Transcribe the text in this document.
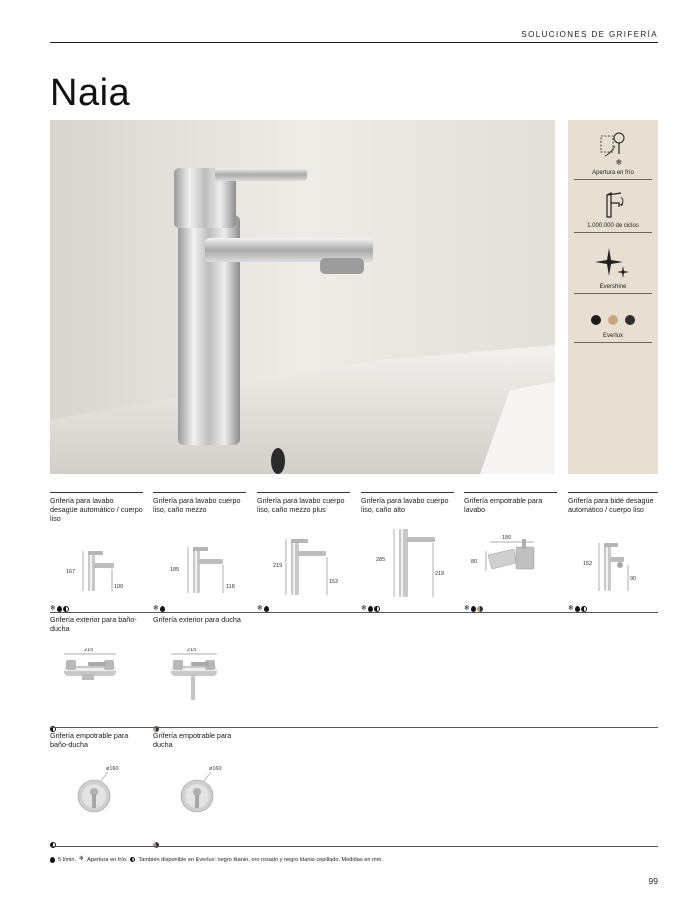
SOLUCIONES DE GRIFERÍA
Naia
❄
Apertura en frío
1.000.000 de ciclos
Evershine
Everlux
Grifería para lavabo desagüe automático / cuerpo liso
167
100
❄
Grifería para lavabo cuerpo liso, caño mezzo
185
118
❄
Grifería para lavabo cuerpo liso, caño mezzo plus
219
152
❄
Grifería para lavabo cuerpo liso, caño alto
285
218
❄
Grifería empotrable para lavabo
180
80
❄
Grifería para bidé desagüe automático / cuerpo liso
152
90
❄
Grifería exterior para baño-ducha
215
Grifería exterior para ducha
215
Grifería empotrable para baño-ducha
ø160
Grifería empotrable para ducha
ø160
5 l/min. ❄ Apertura en frío. También disponible en Everlux: negro titanio, oro rosado y negro titanio cepillado. Medidas en mm.
99
